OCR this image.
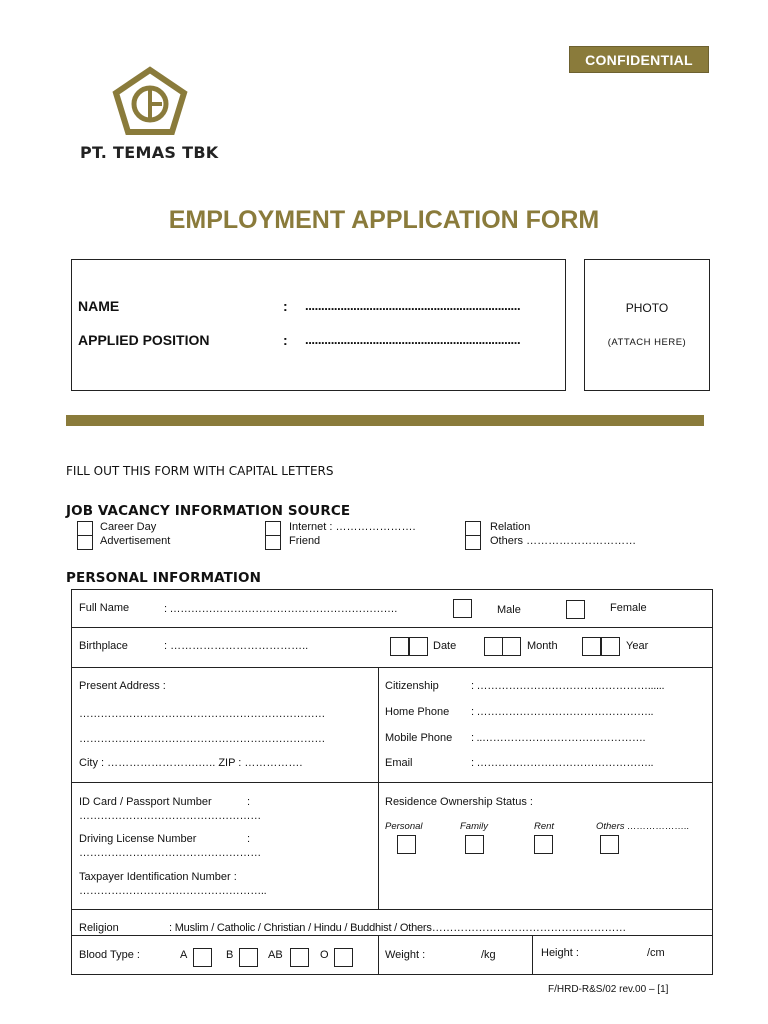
CONFIDENTIAL
PT. TEMAS TBK
EMPLOYMENT APPLICATION FORM
NAME	: ...................................................................
APPLIED POSITION	: ...................................................................
PHOTO
(ATTACH HERE)
FILL OUT THIS FORM WITH CAPITAL LETTERS
JOB VACANCY INFORMATION SOURCE
Career Day
Advertisement
Internet : ………………….
Friend
Relation
Others …………………………
PERSONAL INFORMATION
Full Name	: ……………………………………………………….	Male	Female
Birthplace	: ………………………………..	Date	Month	Year
Present Address :
……………………………………………………………
……………………………………………………………
City : …………………….….. ZIP : …………….
Citizenship	: …………………………………………......
Home Phone : …………………………………………..
Mobile Phone : ..……………………………………….
Email	: …………………………………………..
ID Card / Passport Number	:
……………………………………………
Driving License Number	:
……………………………………………
Taxpayer Identification Number :
……………………………………………..
Residence Ownership Status :
Personal	Family	Rent	Others ………………..
Religion	: Muslim / Catholic / Christian / Hindu / Buddhist / Others………………………………………………
Blood Type :	A	B	AB	O	Weight :	/kg	Height :	/cm
F/HRD-R&S/02 rev.00 – [1]
